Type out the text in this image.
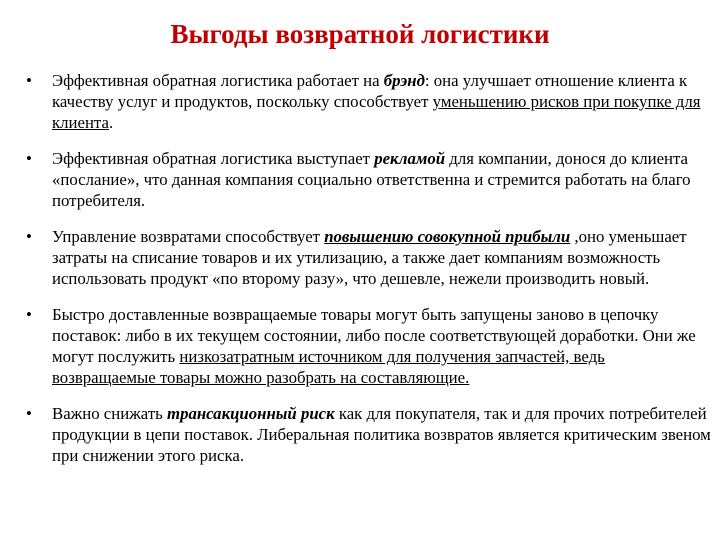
Выгоды возвратной логистики
• Эффективная обратная логистика работает на брэнд: она улучшает отношение клиента к качеству услуг и продуктов, поскольку способствует уменьшению рисков при покупке для клиента.
• Эффективная обратная логистика выступает рекламой для компании, донося до клиента «послание», что данная компания социально ответственна и стремится работать на благо потребителя.
• Управление возвратами способствует повышению совокупной прибыли ,оно уменьшает затраты на списание товаров и их утилизацию, а также дает компаниям возможность использовать продукт «по второму разу», что дешевле, нежели производить новый.
• Быстро доставленные возвращаемые товары могут быть запущены заново в цепочку поставок: либо в их текущем состоянии, либо после соответствующей доработки. Они же могут послужить низкозатратным источником для получения запчастей, ведь возвращаемые товары можно разобрать на составляющие.
• Важно снижать трансакционный риск как для покупателя, так и для прочих потребителей продукции в цепи поставок. Либеральная политика возвратов является критическим звеном при снижении этого риска.
